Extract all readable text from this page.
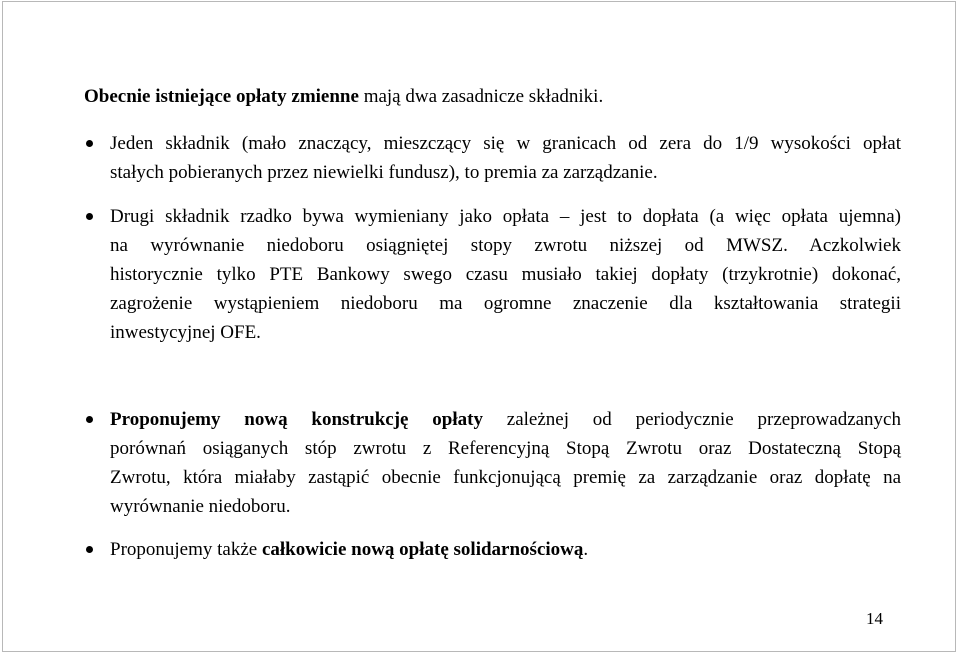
Obecnie istniejące opłaty zmienne mają dwa zasadnicze składniki.
Jeden składnik (mało znaczący, mieszczący się w granicach od zera do 1/9 wysokości opłat
stałych pobieranych przez niewielki fundusz), to premia za zarządzanie.
Drugi składnik rzadko bywa wymieniany jako opłata – jest to dopłata (a więc opłata ujemna)
na wyrównanie niedoboru osiągniętej stopy zwrotu niższej od MWSZ. Aczkolwiek
historycznie tylko PTE Bankowy swego czasu musiało takiej dopłaty (trzykrotnie) dokonać,
zagrożenie wystąpieniem niedoboru ma ogromne znaczenie dla kształtowania strategii
inwestycyjnej OFE.
Proponujemy nową konstrukcję opłaty zależnej od periodycznie przeprowadzanych
porównań osiąganych stóp zwrotu z Referencyjną Stopą Zwrotu oraz Dostateczną Stopą
Zwrotu, która miałaby zastąpić obecnie funkcjonującą premię za zarządzanie oraz dopłatę na
wyrównanie niedoboru.
Proponujemy także całkowicie nową opłatę solidarnościową.
14
